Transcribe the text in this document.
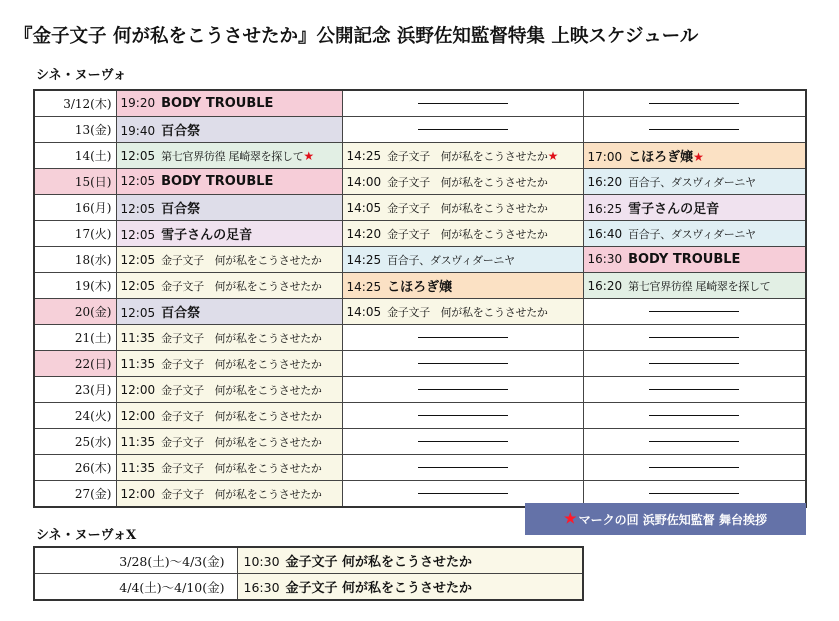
『金子文子 何が私をこうさせたか』公開記念 浜野佐知監督特集 上映スケジュール
シネ・ヌーヴォ
3/12(木)	19:20 BODY TROUBLE	

13(金)	19:40 百合祭	

14(土)	12:05 第七官界彷徨 尾崎翠を探して★	14:25 金子文子　何が私をこうさせたか★	17:00 こほろぎ嬢★
15(日)	12:05 BODY TROUBLE	14:00 金子文子　何が私をこうさせたか	16:20 百合子、ダスヴィダーニヤ
16(月)	12:05 百合祭	14:05 金子文子　何が私をこうさせたか	16:25 雪子さんの足音
17(火)	12:05 雪子さんの足音	14:20 金子文子　何が私をこうさせたか	16:40 百合子、ダスヴィダーニヤ
18(水)	12:05 金子文子　何が私をこうさせたか	14:25 百合子、ダスヴィダーニヤ	16:30 BODY TROUBLE
19(木)	12:05 金子文子　何が私をこうさせたか	14:25 こほろぎ嬢	16:20 第七官界彷徨 尾崎翠を探して
20(金)	12:05 百合祭	14:05 金子文子　何が私をこうさせたか	

21(土)	11:35 金子文子　何が私をこうさせたか	

22(日)	11:35 金子文子　何が私をこうさせたか	

23(月)	12:00 金子文子　何が私をこうさせたか	

24(火)	12:00 金子文子　何が私をこうさせたか	

25(水)	11:35 金子文子　何が私をこうさせたか	

26(木)	11:35 金子文子　何が私をこうさせたか	

27(金)	12:00 金子文子　何が私をこうさせたか	

★ マークの回 浜野佐知監督 舞台挨拶
シネ・ヌーヴォX
3/28(土)～4/3(金)	10:30 金子文子 何が私をこうさせたか
4/4(土)～4/10(金)	16:30 金子文子 何が私をこうさせたか
